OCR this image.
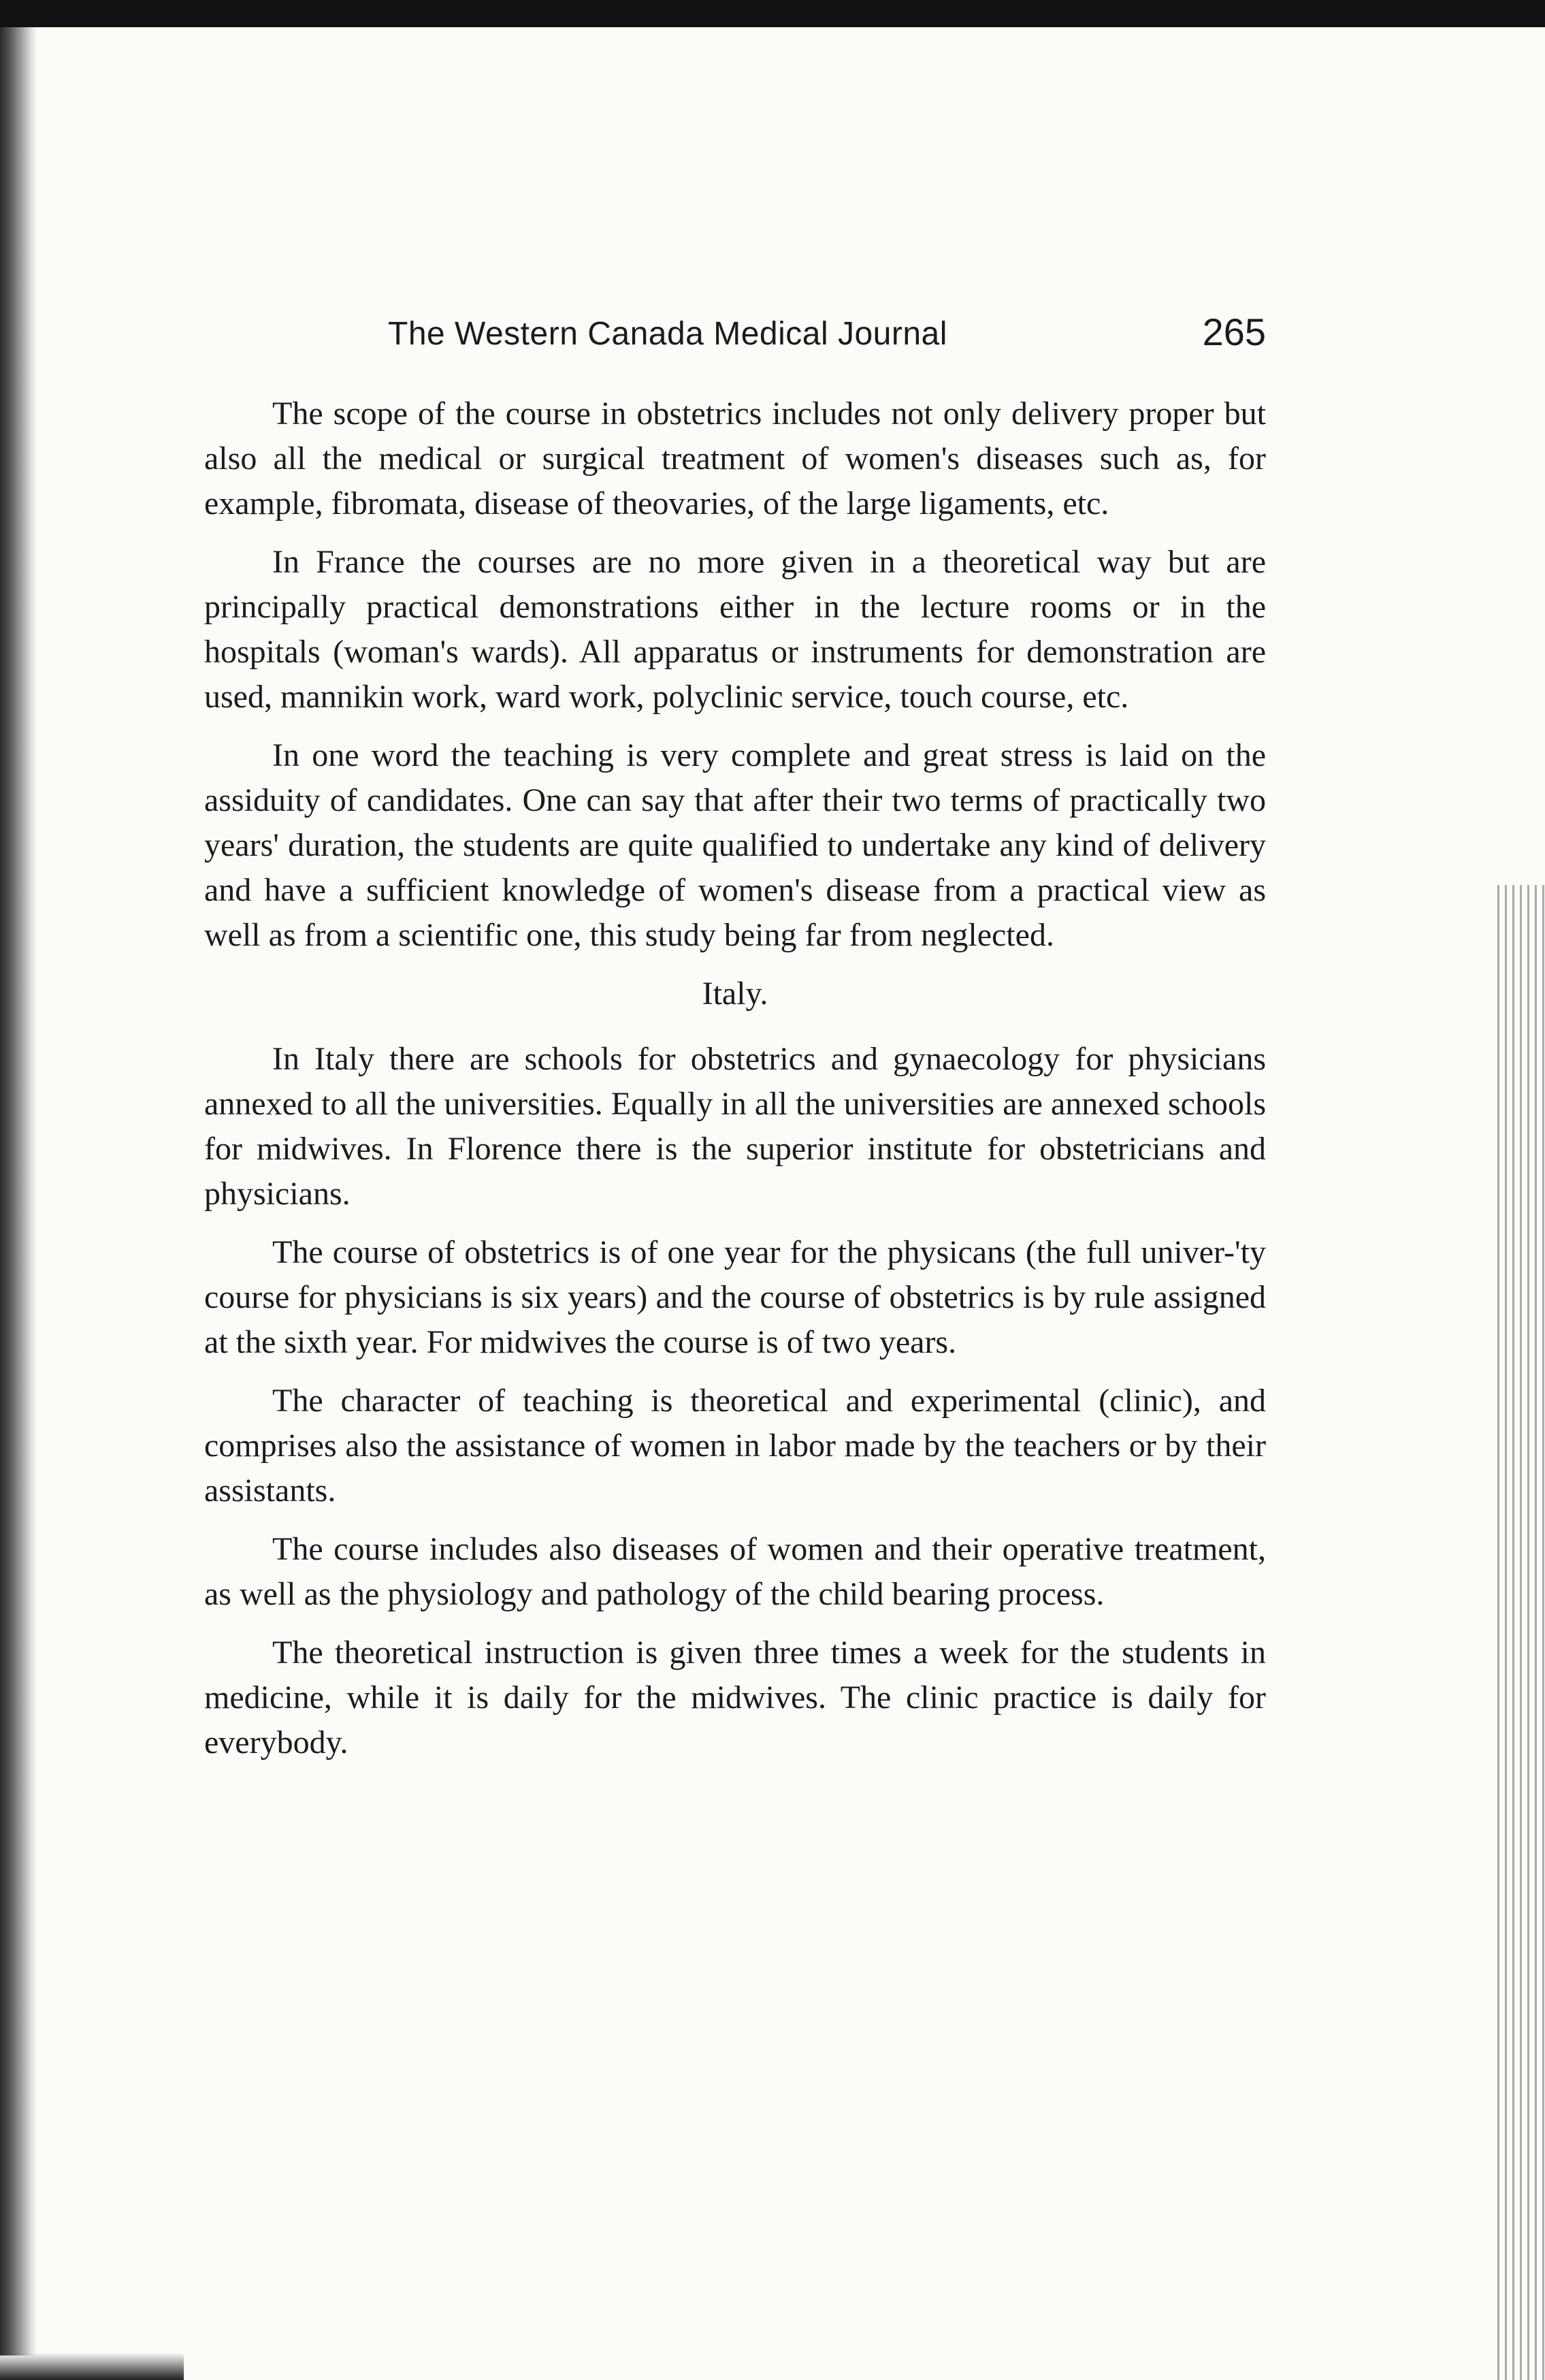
The Western Canada Medical Journal	265

The scope of the course in obstetrics includes not only delivery proper but also all the medical or surgical treatment of women's diseases such as, for example, fibromata, disease of theovaries, of the large ligaments, etc.

In France the courses are no more given in a theoretical way but are principally practical demonstrations either in the lecture rooms or in the hospitals (woman's wards). All apparatus or instruments for demonstration are used, mannikin work, ward work, polyclinic service, touch course, etc.

In one word the teaching is very complete and great stress is laid on the assiduity of candidates. One can say that after their two terms of practically two years' duration, the students are quite qualified to undertake any kind of delivery and have a sufficient knowledge of women's disease from a practical view as well as from a scientific one, this study being far from neglected.

Italy.

In Italy there are schools for obstetrics and gynaecology for physicians annexed to all the universities. Equally in all the universities are annexed schools for midwives. In Florence there is the superior institute for obstetricians and physicians.

The course of obstetrics is of one year for the physicans (the full univer-'ty course for physicians is six years) and the course of obstetrics is by rule assigned at the sixth year. For midwives the course is of two years.

The character of teaching is theoretical and experimental (clinic), and comprises also the assistance of women in labor made by the teachers or by their assistants.

The course includes also diseases of women and their operative treatment, as well as the physiology and pathology of the child bearing process.

The theoretical instruction is given three times a week for the students in medicine, while it is daily for the midwives. The clinic practice is daily for everybody.
